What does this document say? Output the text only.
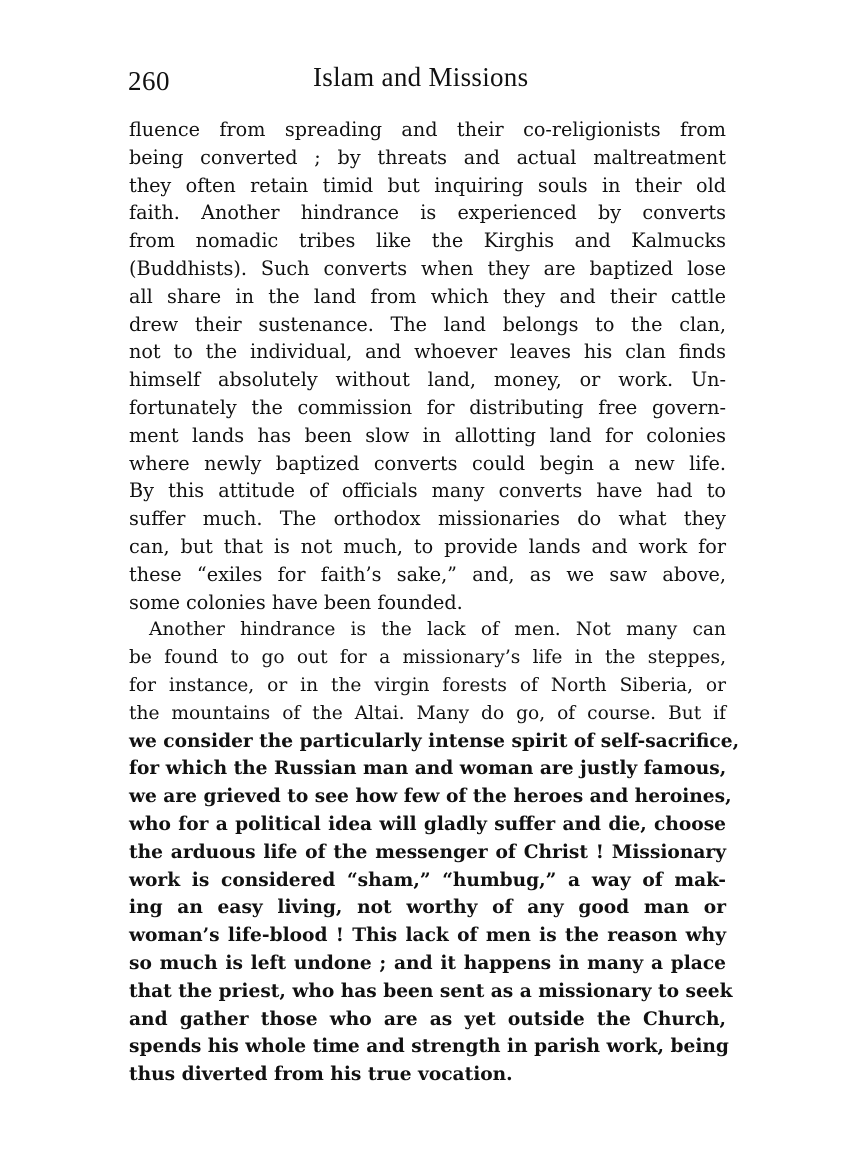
260	Islam and Missions
fluence from spreading and their co-religionists from
being converted ; by threats and actual maltreatment
they often retain timid but inquiring souls in their old
faith. Another hindrance is experienced by converts
from nomadic tribes like the Kirghis and Kalmucks
(Buddhists). Such converts when they are baptized lose
all share in the land from which they and their cattle
drew their sustenance. The land belongs to the clan,
not to the individual, and whoever leaves his clan finds
himself absolutely without land, money, or work. Un-
fortunately the commission for distributing free govern-
ment lands has been slow in allotting land for colonies
where newly baptized converts could begin a new life.
By this attitude of officials many converts have had to
suffer much. The orthodox missionaries do what they
can, but that is not much, to provide lands and work for
these “exiles for faith’s sake,” and, as we saw above,
some colonies have been founded.
Another hindrance is the lack of men. Not many can
be found to go out for a missionary’s life in the steppes,
for instance, or in the virgin forests of North Siberia, or
the mountains of the Altai. Many do go, of course. But if
we consider the particularly intense spirit of self-sacrifice,
for which the Russian man and woman are justly famous,
we are grieved to see how few of the heroes and heroines,
who for a political idea will gladly suffer and die, choose
the arduous life of the messenger of Christ ! Missionary
work is considered “sham,” “humbug,” a way of mak-
ing an easy living, not worthy of any good man or
woman’s life-blood ! This lack of men is the reason why
so much is left undone ; and it happens in many a place
that the priest, who has been sent as a missionary to seek
and gather those who are as yet outside the Church,
spends his whole time and strength in parish work, being
thus diverted from his true vocation.
